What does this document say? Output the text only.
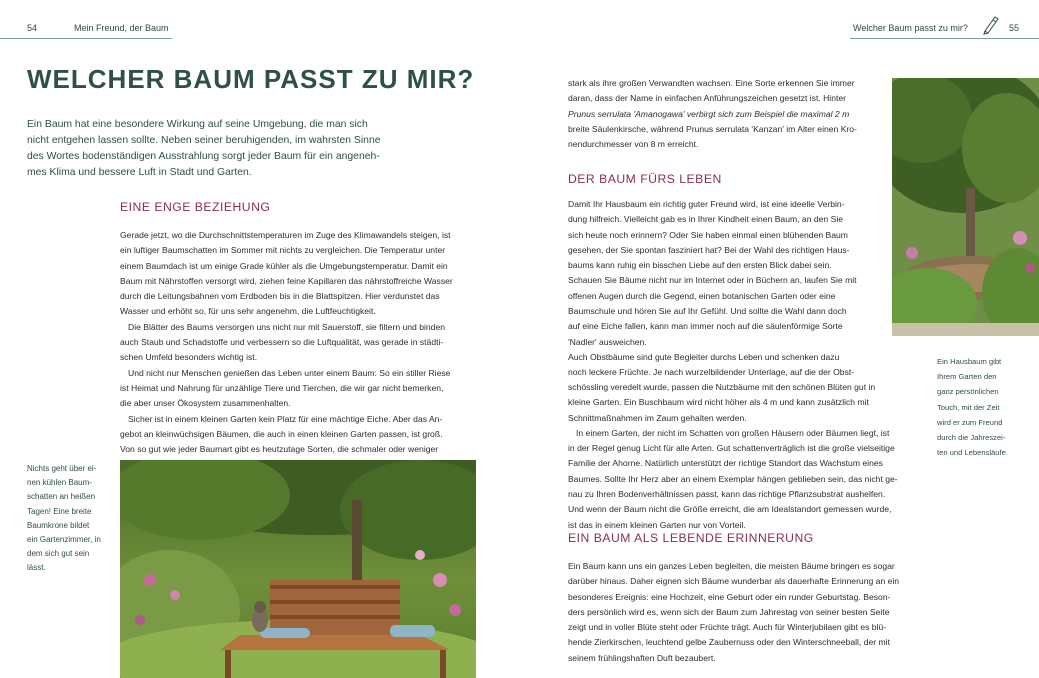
54	Mein Freund, der Baum	Welcher Baum passt zu mir?	55
WELCHER BAUM PASST ZU MIR?

Ein Baum hat eine besondere Wirkung auf seine Umgebung, die man sich

nicht entgehen lassen sollte. Neben seiner beruhigenden, im wahrsten Sinne

des Wortes bodenständigen Ausstrahlung sorgt jeder Baum für ein angeneh-

mes Klima und bessere Luft in Stadt und Garten.

EINE ENGE BEZIEHUNG

Gerade jetzt, wo die Durchschnittstemperaturen im Zuge des Klimawandels steigen, ist

ein luftiger Baumschatten im Sommer mit nichts zu vergleichen. Die Temperatur unter

einem Baumdach ist um einige Grade kühler als die Umgebungstemperatur. Damit ein

Baum mit Nährstoffen versorgt wird, ziehen feine Kapillaren das nährstoffreiche Wasser

durch die Leitungsbahnen vom Erdboden bis in die Blattspitzen. Hier verdunstet das

Wasser und erhöht so, für uns sehr angenehm, die Luftfeuchtigkeit.

Die Blätter des Baums versorgen uns nicht nur mit Sauerstoff, sie filtern und binden

auch Staub und Schadstoffe und verbessern so die Luftqualität, was gerade in städti-

schen Umfeld besonders wichtig ist.

Und nicht nur Menschen genießen das Leben unter einem Baum: So ein stiller Riese

ist Heimat und Nahrung für unzählige Tiere und Tierchen, die wir gar nicht bemerken,

die aber unser Ökosystem zusammenhalten.

Sicher ist in einem kleinen Garten kein Platz für eine mächtige Eiche. Aber das An-

gebot an kleinwüchsigen Bäumen, die auch in einen kleinen Garten passen, ist groß.

Von so gut wie jeder Baumart gibt es heutzutage Sorten, die schmaler oder weniger

Nichts geht über ei-
nen kühlen Baum-
schatten an heißen
Tagen! Eine breite
Baumkrone bildet
ein Gartenzimmer, in
dem sich gut sein
lässt.

stark als ihre großen Verwandten wachsen. Eine Sorte erkennen Sie immer

daran, dass der Name in einfachen Anführungszeichen gesetzt ist. Hinter

Prunus serrulata 'Amanogawa' verbirgt sich zum Beispiel die maximal 2 m

breite Säulenkirsche, während Prunus serrulata 'Kanzan' im Alter einen Kro-

nendurchmesser von 8 m erreicht.

DER BAUM FÜRS LEBEN

Damit Ihr Hausbaum ein richtig guter Freund wird, ist eine ideelle Verbin-

dung hilfreich. Vielleicht gab es in Ihrer Kindheit einen Baum, an den Sie

sich heute noch erinnern? Oder Sie haben einmal einen blühenden Baum

gesehen, der Sie spontan fasziniert hat? Bei der Wahl des richtigen Haus-

baums kann ruhig ein bisschen Liebe auf den ersten Blick dabei sein.

Schauen Sie Bäume nicht nur im Internet oder in Büchern an, laufen Sie mit

offenen Augen durch die Gegend, einen botanischen Garten oder eine

Baumschule und hören Sie auf Ihr Gefühl. Und sollte die Wahl dann doch

auf eine Eiche fallen, kann man immer noch auf die säulenförmige Sorte

'Nadler' ausweichen.

Auch Obstbäume sind gute Begleiter durchs Leben und schenken dazu

noch leckere Früchte. Je nach wurzelbildender Unterlage, auf die der Obst-

schössling veredelt wurde, passen die Nutzbäume mit den schönen Blüten gut in

kleine Garten. Ein Buschbaum wird nicht höher als 4 m und kann zusätzlich mit

Schnittmaßnahmen im Zaum gehalten werden.

In einem Garten, der nicht im Schatten von großen Häusern oder Bäumen liegt, ist

in der Regel genug Licht für alle Arten. Gut schattenverträglich ist die große vielseitige

Familie der Ahorne. Natürlich unterstützt der richtige Standort das Wachstum eines

Baumes. Sollte Ihr Herz aber an einem Exemplar hängen geblieben sein, das nicht ge-

nau zu Ihren Bodenverhältnissen passt, kann das richtige Pflanzsubstrat aushelfen.

Und wenn der Baum nicht die Größe erreicht, die am Idealstandort gemessen wurde,

ist das in einem kleinen Garten nur von Vorteil.

Ein Hausbaum gibt
Ihrem Garten den
ganz persönlichen
Touch, mit der Zeit
wird er zum Freund
durch die Jahreszei-
ten und Lebensläufe.
EIN BAUM ALS LEBENDE ERINNERUNG

Ein Baum kann uns ein ganzes Leben begleiten, die meisten Bäume bringen es sogar

darüber hinaus. Daher eignen sich Bäume wunderbar als dauerhafte Erinnerung an ein

besonderes Ereignis: eine Hochzeit, eine Geburt oder ein runder Geburtstag. Beson-

ders persönlich wird es, wenn sich der Baum zum Jahrestag von seiner besten Seite

zeigt und in voller Blüte steht oder Früchte trägt. Auch für Winterjubilaen gibt es blü-

hende Zierkirschen, leuchtend gelbe Zaubernuss oder den Winterschneeball, der mit

seinem frühlingshaften Duft bezaubert.
